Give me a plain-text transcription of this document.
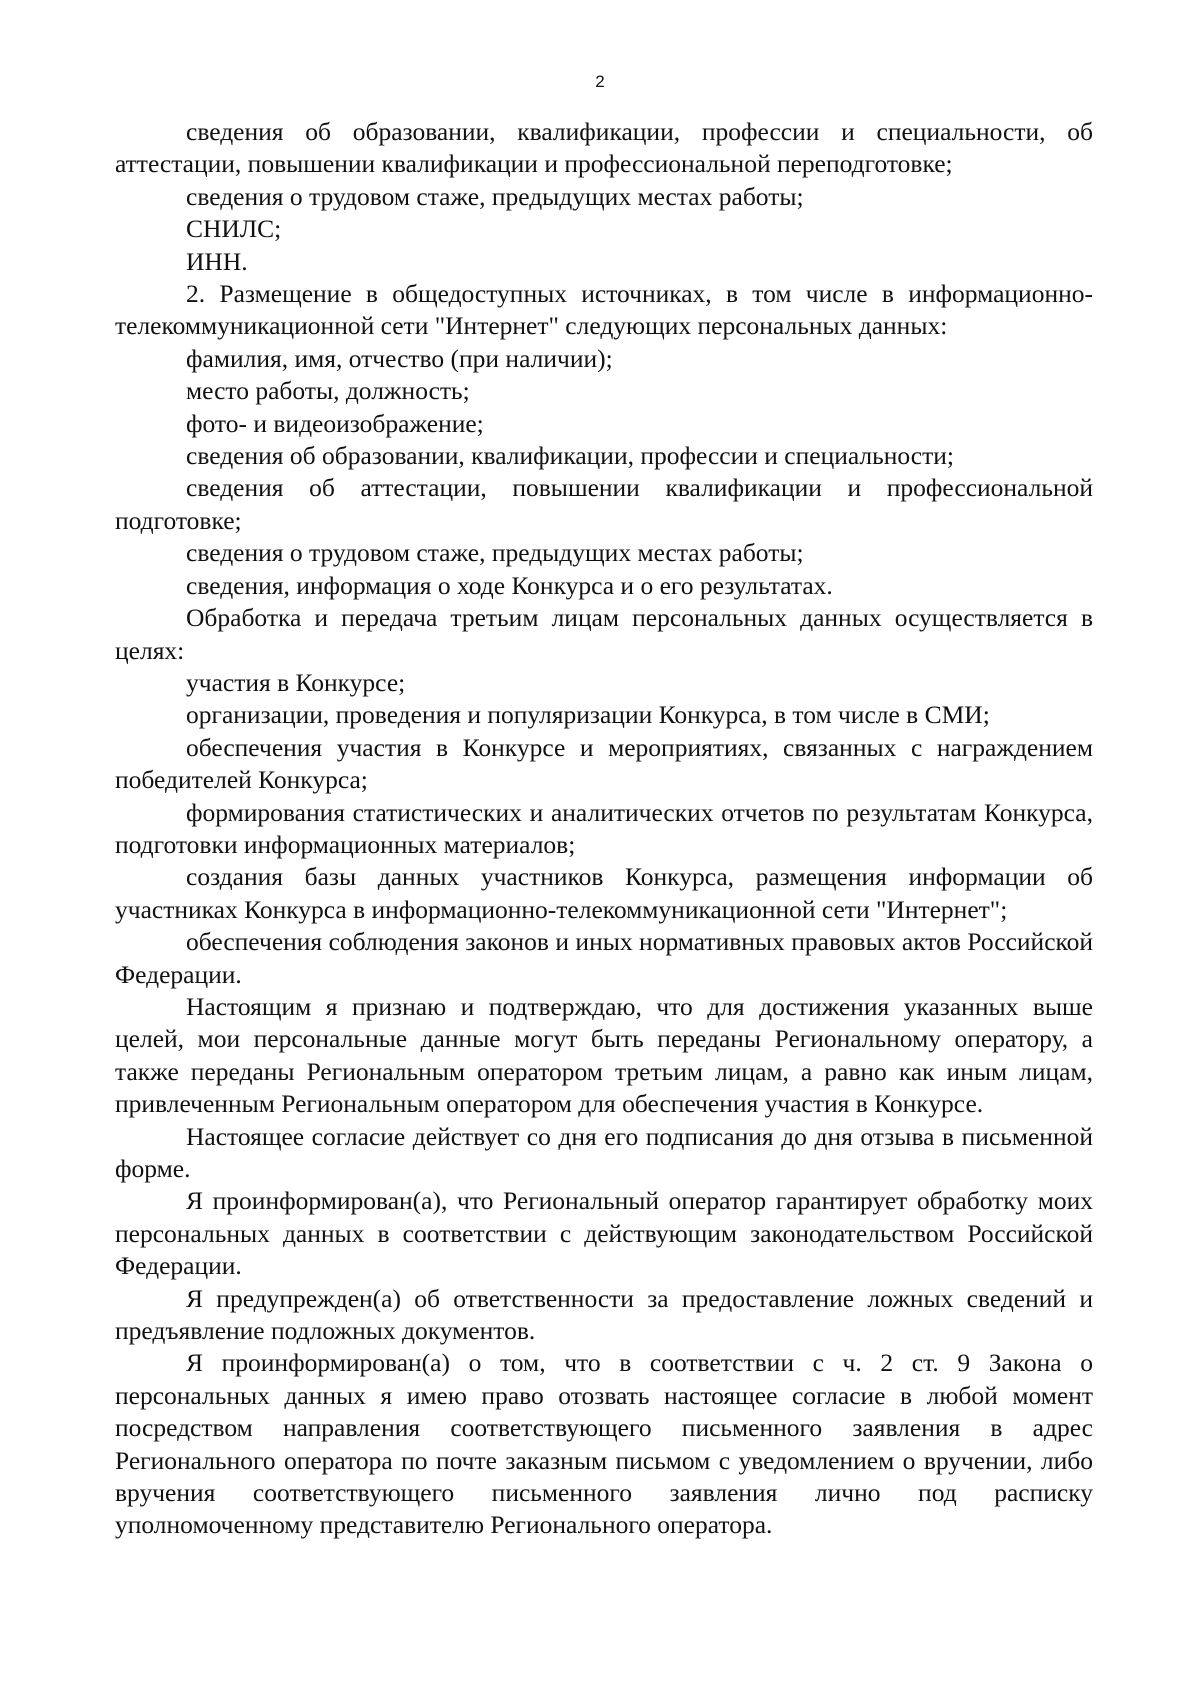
2

сведения об образовании, квалификации, профессии и специальности, об аттестации, повышении квалификации и профессиональной переподготовке;

сведения о трудовом стаже, предыдущих местах работы;

СНИЛС;

ИНН.

2. Размещение в общедоступных источниках, в том числе в информационно-телекоммуникационной сети "Интернет" следующих персональных данных:

фамилия, имя, отчество (при наличии);

место работы, должность;

фото- и видеоизображение;

сведения об образовании, квалификации, профессии и специальности;

сведения об аттестации, повышении квалификации и профессиональной подготовке;

сведения о трудовом стаже, предыдущих местах работы;

сведения, информация о ходе Конкурса и о его результатах.

Обработка и передача третьим лицам персональных данных осуществляется в целях:

участия в Конкурсе;

организации, проведения и популяризации Конкурса, в том числе в СМИ;

обеспечения участия в Конкурсе и мероприятиях, связанных с награждением победителей Конкурса;

формирования статистических и аналитических отчетов по результатам Конкурса, подготовки информационных материалов;

создания базы данных участников Конкурса, размещения информации об участниках Конкурса в информационно-телекоммуникационной сети "Интернет";

обеспечения соблюдения законов и иных нормативных правовых актов Российской Федерации.

Настоящим я признаю и подтверждаю, что для достижения указанных выше целей, мои персональные данные могут быть переданы Региональному оператору, а также переданы Региональным оператором третьим лицам, а равно как иным лицам, привлеченным Региональным оператором для обеспечения участия в Конкурсе.

Настоящее согласие действует со дня его подписания до дня отзыва в письменной форме.

Я проинформирован(а), что Региональный оператор гарантирует обработку моих персональных данных в соответствии с действующим законодательством Российской Федерации.

Я предупрежден(а) об ответственности за предоставление ложных сведений и предъявление подложных документов.

Я проинформирован(а) о том, что в соответствии с ч. 2 ст. 9 Закона о персональных данных я имею право отозвать настоящее согласие в любой момент посредством направления соответствующего письменного заявления в адрес Регионального оператора по почте заказным письмом с уведомлением о вручении, либо вручения соответствующего письменного заявления лично под расписку уполномоченному представителю Регионального оператора.
